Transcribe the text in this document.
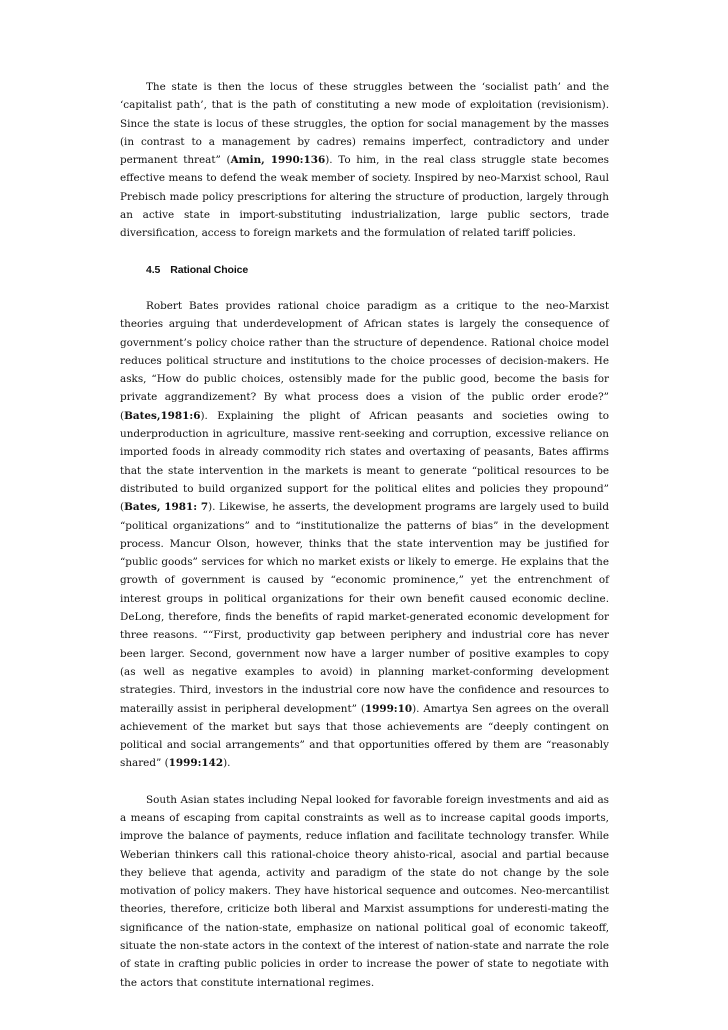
The state is then the locus of these struggles between the ‘socialist path’ and the ‘capitalist path’, that is the path of constituting a new mode of exploitation (revisionism). Since the state is locus of these struggles, the option for social management by the masses (in contrast to a management by cadres) remains imperfect, contradictory and under permanent threat” (Amin, 1990:136). To him, in the real class struggle state becomes effective means to defend the weak member of society. Inspired by neo-Marxist school, Raul Prebisch made policy prescriptions for altering the structure of production, largely through an active state in import-substituting industrialization, large public sectors, trade diversification, access to foreign markets and the formulation of related tariff policies.

4.5 Rational Choice

Robert Bates provides rational choice paradigm as a critique to the neo-Marxist theories arguing that underdevelopment of African states is largely the consequence of government’s policy choice rather than the structure of dependence. Rational choice model reduces political structure and institutions to the choice processes of decision-makers. He asks, “How do public choices, ostensibly made for the public good, become the basis for private aggrandizement? By what process does a vision of the public order erode?” (Bates,1981:6). Explaining the plight of African peasants and societies owing to underproduction in agriculture, massive rent-seeking and corruption, excessive reliance on imported foods in already commodity rich states and overtaxing of peasants, Bates affirms that the state intervention in the markets is meant to generate “political resources to be distributed to build organized support for the political elites and policies they propound” (Bates, 1981: 7). Likewise, he asserts, the development programs are largely used to build “political organizations” and to “institutionalize the patterns of bias” in the development process. Mancur Olson, however, thinks that the state intervention may be justified for “public goods” services for which no market exists or likely to emerge. He explains that the growth of government is caused by “economic prominence,” yet the entrenchment of interest groups in political organizations for their own benefit caused economic decline. DeLong, therefore, finds the benefits of rapid market-generated economic development for three reasons. ““First, productivity gap between periphery and industrial core has never been larger. Second, government now have a larger number of positive examples to copy (as well as negative examples to avoid) in planning market-conforming development strategies. Third, investors in the industrial core now have the confidence and resources to materailly assist in peripheral development” (1999:10). Amartya Sen agrees on the overall achievement of the market but says that those achievements are “deeply contingent on political and social arrangements” and that opportunities offered by them are “reasonably shared” (1999:142).

South Asian states including Nepal looked for favorable foreign investments and aid as a means of escaping from capital constraints as well as to increase capital goods imports, improve the balance of payments, reduce inflation and facilitate technology transfer. While Weberian thinkers call this rational-choice theory ahisto-rical, asocial and partial because they believe that agenda, activity and paradigm of the state do not change by the sole motivation of policy makers. They have historical sequence and outcomes. Neo-mercantilist theories, therefore, criticize both liberal and Marxist assumptions for underesti-mating the significance of the nation-state, emphasize on national political goal of economic takeoff, situate the non-state actors in the context of the interest of nation-state and narrate the role of state in crafting public policies in order to increase the power of state to negotiate with the actors that constitute international regimes.
